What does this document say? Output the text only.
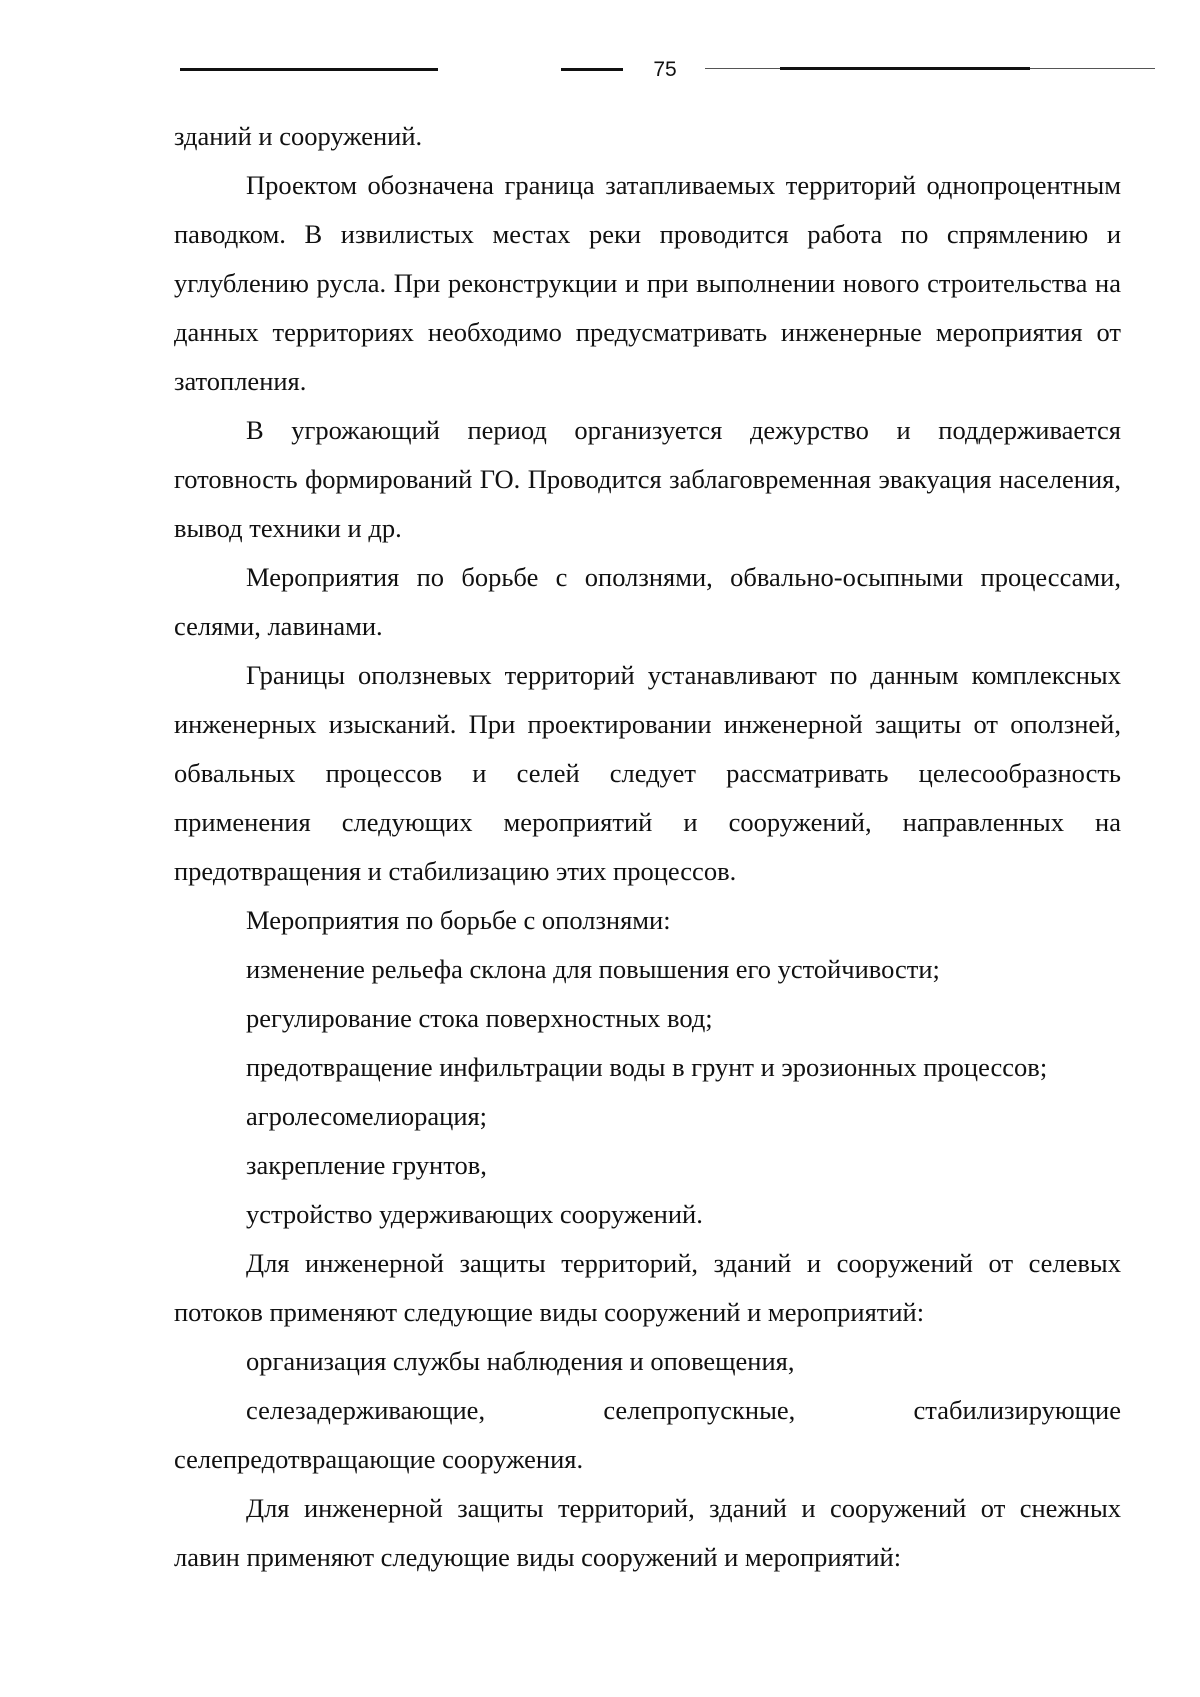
75

зданий и сооружений.

Проектом обозначена граница затапливаемых территорий однопроцентным паводком. В извилистых местах реки проводится работа по спрямлению и углублению русла. При реконструкции и при выполнении нового строительства на данных территориях необходимо предусматривать инженерные мероприятия от затопления.

В угрожающий период организуется дежурство и поддерживается готовность формирований ГО. Проводится заблаговременная эвакуация населения, вывод техники и др.

Мероприятия по борьбе с оползнями, обвально-осыпными процессами, селями, лавинами.

Границы оползневых территорий устанавливают по данным комплексных инженерных изысканий. При проектировании инженерной защиты от оползней, обвальных процессов и селей следует рассматривать целесообразность применения следующих мероприятий и сооружений, направленных на предотвращения и стабилизацию этих процессов.

Мероприятия по борьбе с оползнями:

изменение рельефа склона для повышения его устойчивости;

регулирование стока поверхностных вод;

предотвращение инфильтрации воды в грунт и эрозионных процессов;

агролесомелиорация;

закрепление грунтов,

устройство удерживающих сооружений.

Для инженерной защиты территорий, зданий и сооружений от селевых потоков применяют следующие виды сооружений и мероприятий:

организация службы наблюдения и оповещения,

селезадерживающие, селепропускные, стабилизирующие селепредотвращающие сооружения.

Для инженерной защиты территорий, зданий и сооружений от снежных лавин применяют следующие виды сооружений и мероприятий:
